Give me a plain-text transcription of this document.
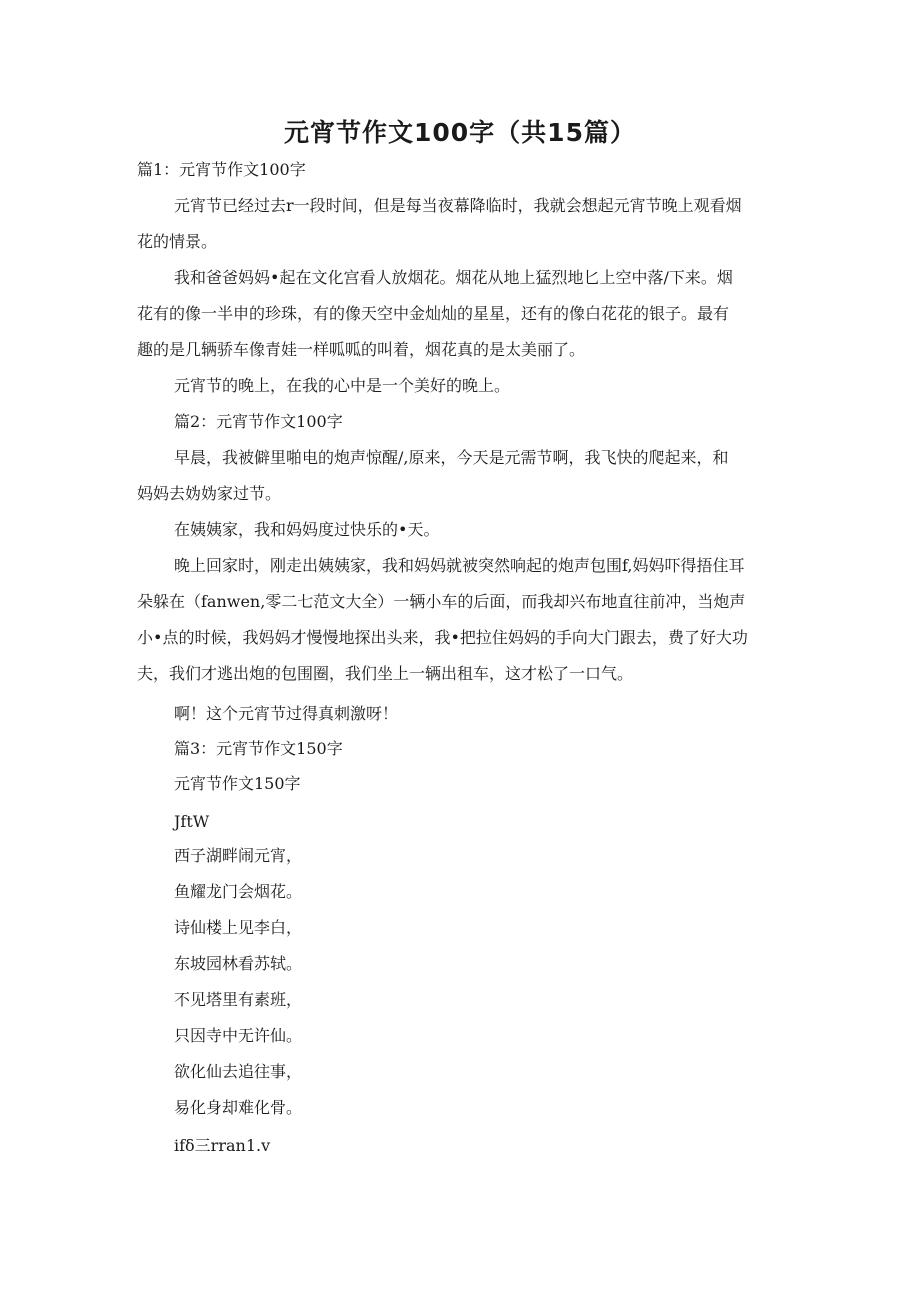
元宵节作文100字（共15篇）
篇1：元宵节作文100字
元宵节已经过去r一段时间，但是每当夜幕降临时，我就会想起元宵节晚上观看烟
花的情景。
我和爸爸妈妈•起在文化宫看人放烟花。烟花从地上猛烈地匕上空中落/下来。烟
花有的像一半申的珍珠，有的像天空中金灿灿的星星，还有的像白花花的银子。最有
趣的是几辆骄车像青娃一样呱呱的叫着，烟花真的是太美丽了。
元宵节的晚上，在我的心中是一个美好的晚上。
篇2：元宵节作文100字
早晨，我被僻里啪电的炮声惊醒/,原来，今天是元需节啊，我飞快的爬起来，和
妈妈去妫妫家过节。
在姨姨家，我和妈妈度过快乐的•天。
晚上回家时，刚走出姨姨家，我和妈妈就被突然响起的炮声包围f,妈妈吓得捂住耳
朵躲在（fanwen,零二七范文大全）一辆小车的后面，而我却兴布地直往前冲，当炮声
小•点的时候，我妈妈才慢慢地探出头来，我•把拉住妈妈的手向大门跟去，费了好大功
夫，我们才逃出炮的包围圈，我们坐上一辆出租车，这才松了一口气。
啊！这个元宵节过得真刺激呀！
篇3：元宵节作文150字
元宵节作文150字
JftW
西子湖畔闹元宵，
鱼耀龙门会烟花。
诗仙楼上见李白，
东坡园林看苏轼。
不见塔里有素班，
只因寺中无许仙。
欲化仙去追往事，
易化身却难化骨。
ifδ三rran1.v
